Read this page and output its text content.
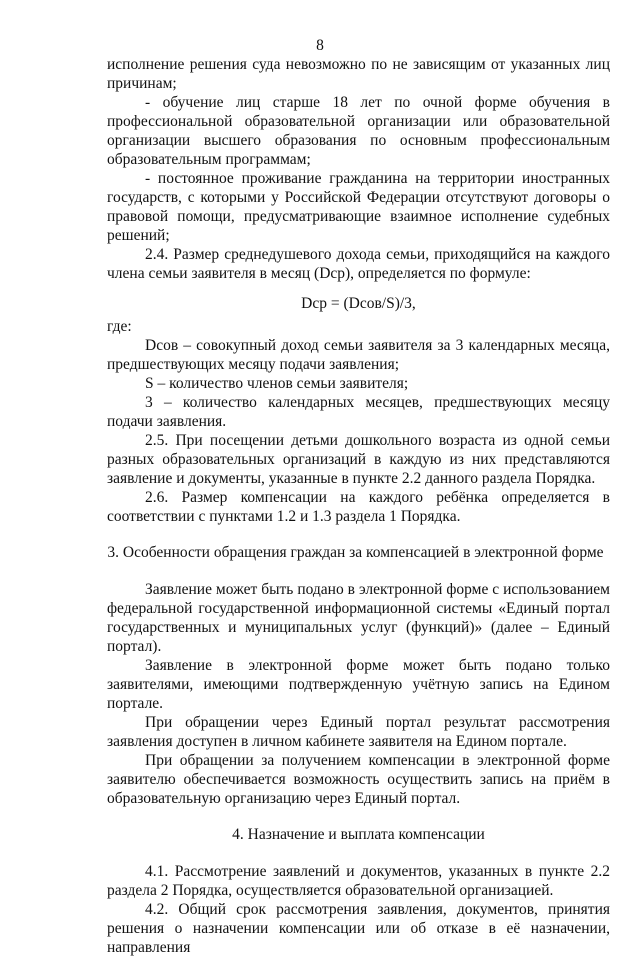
8

исполнение решения суда невозможно по не зависящим от указанных лиц причинам;

- обучение лиц старше 18 лет по очной форме обучения в профессиональной образовательной организации или образовательной организации высшего образования по основным профессиональным образовательным программам;

- постоянное проживание гражданина на территории иностранных государств, с которыми у Российской Федерации отсутствуют договоры о правовой помощи, предусматривающие взаимное исполнение судебных решений;

2.4. Размер среднедушевого дохода семьи, приходящийся на каждого члена семьи заявителя в месяц (Dср), определяется по формуле:

Dср = (Dсов/S)/3,

где:

Dсов – совокупный доход семьи заявителя за 3 календарных месяца, предшествующих месяцу подачи заявления;

S – количество членов семьи заявителя;

3 – количество календарных месяцев, предшествующих месяцу подачи заявления.

2.5. При посещении детьми дошкольного возраста из одной семьи разных образовательных организаций в каждую из них представляются заявление и документы, указанные в пункте 2.2 данного раздела Порядка.

2.6. Размер компенсации на каждого ребёнка определяется в соответствии с пунктами 1.2 и 1.3 раздела 1 Порядка.

3. Особенности обращения граждан за компенсацией в электронной форме

Заявление может быть подано в электронной форме с использованием федеральной государственной информационной системы «Единый портал государственных и муниципальных услуг (функций)» (далее – Единый портал).

Заявление в электронной форме может быть подано только заявителями, имеющими подтвержденную учётную запись на Едином портале.

При обращении через Единый портал результат рассмотрения заявления доступен в личном кабинете заявителя на Едином портале.

При обращении за получением компенсации в электронной форме заявителю обеспечивается возможность осуществить запись на приём в образовательную организацию через Единый портал.

4. Назначение и выплата компенсации

4.1. Рассмотрение заявлений и документов, указанных в пункте 2.2 раздела 2 Порядка, осуществляется образовательной организацией.

4.2. Общий срок рассмотрения заявления, документов, принятия решения о назначении компенсации или об отказе в её назначении, направления
